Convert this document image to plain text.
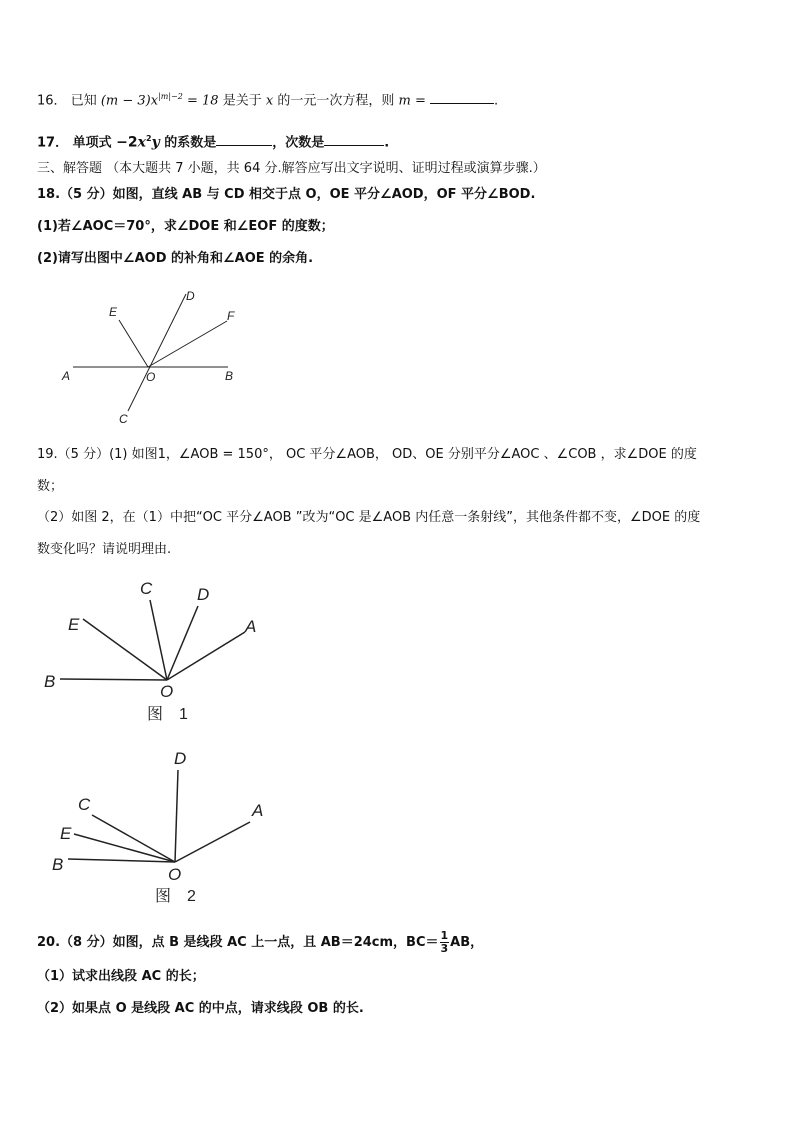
16． 已知 $(m - 3)x^{|m|-2} = 18$ 是关于 x 的一元一次方程，则 m =	.
17． 单项式 $-2x^2y$ 的系数是	，次数是	.
三、解答题 （本大题共 7 小题，共 64 分.解答应写出文字说明、证明过程或演算步骤.）
18.（5 分）如图，直线 AB 与 CD 相交于点 O，OE 平分∠AOD，OF 平分∠BOD.
(1)若∠AOC＝70°，求∠DOE 和∠EOF 的度数；
(2)请写出图中∠AOD 的补角和∠AOE 的余角.
A	B
C
D
E	F
O
19.（5 分）(1) 如图1，∠AOB = 150°， OC 平分∠AOB， OD、OE 分别平分∠AOC 、∠COB ，求∠DOE 的度
数；
（2）如图 2，在（1）中把“OC 平分∠AOB ”改为“OC 是∠AOB 内任意一条射线”，其他条件都不变，∠DOE 的度
数变化吗？请说明理由.
B
E
C	D
A
O
图　1
B
E
C
D
A
O
图　2
20.（8 分）如图，点 B 是线段 AC 上一点，且 AB＝24cm，$BC= \frac{1}{3}$ AB，
（1）试求出线段 AC 的长；
（2）如果点 O 是线段 AC 的中点，请求线段 OB 的长.
